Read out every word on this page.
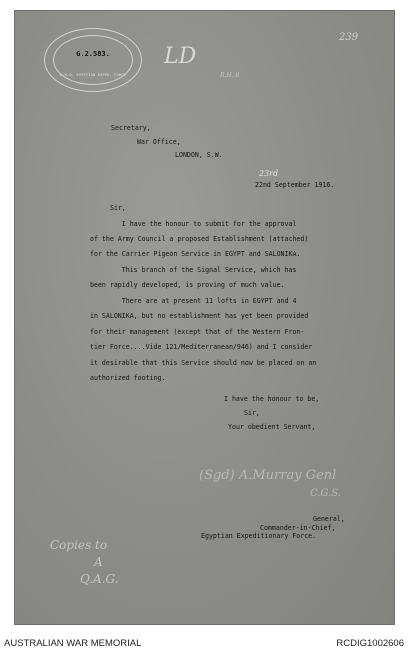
G.2.583.
G.H.Q. EGYPTIAN EXPED. FORCE
239
LD
R.H. 8
Secretary,
War Office,
LONDON, S.W.
23rd
22nd September 1916.
Sir,
I have the honour to submit for the approval
of the Army Council a proposed Establishment (attached)
for the Carrier Pigeon Service in EGYPT and SALONIKA.
This branch of the Signal Service, which has
been rapidly developed, is proving of much value.
There are at present 11 lofts in EGYPT and 4
in SALONIKA, but no establishment has yet been provided
for their management (except that of the Western Fron-
tier Force....Vide 121/Mediterranean/946) and I consider
it desirable that this Service should now be placed on an
authorized footing.
I have the honour to be,
Sir,
Your obedient Servant,
(Sgd) A.Murray Genl
C.G.S.
General,
Commander-in-Chief,
Egyptian Expeditionary Force.
Copies to
A
Q.A.G.
AUSTRALIAN WAR MEMORIAL	RCDIG1002606
